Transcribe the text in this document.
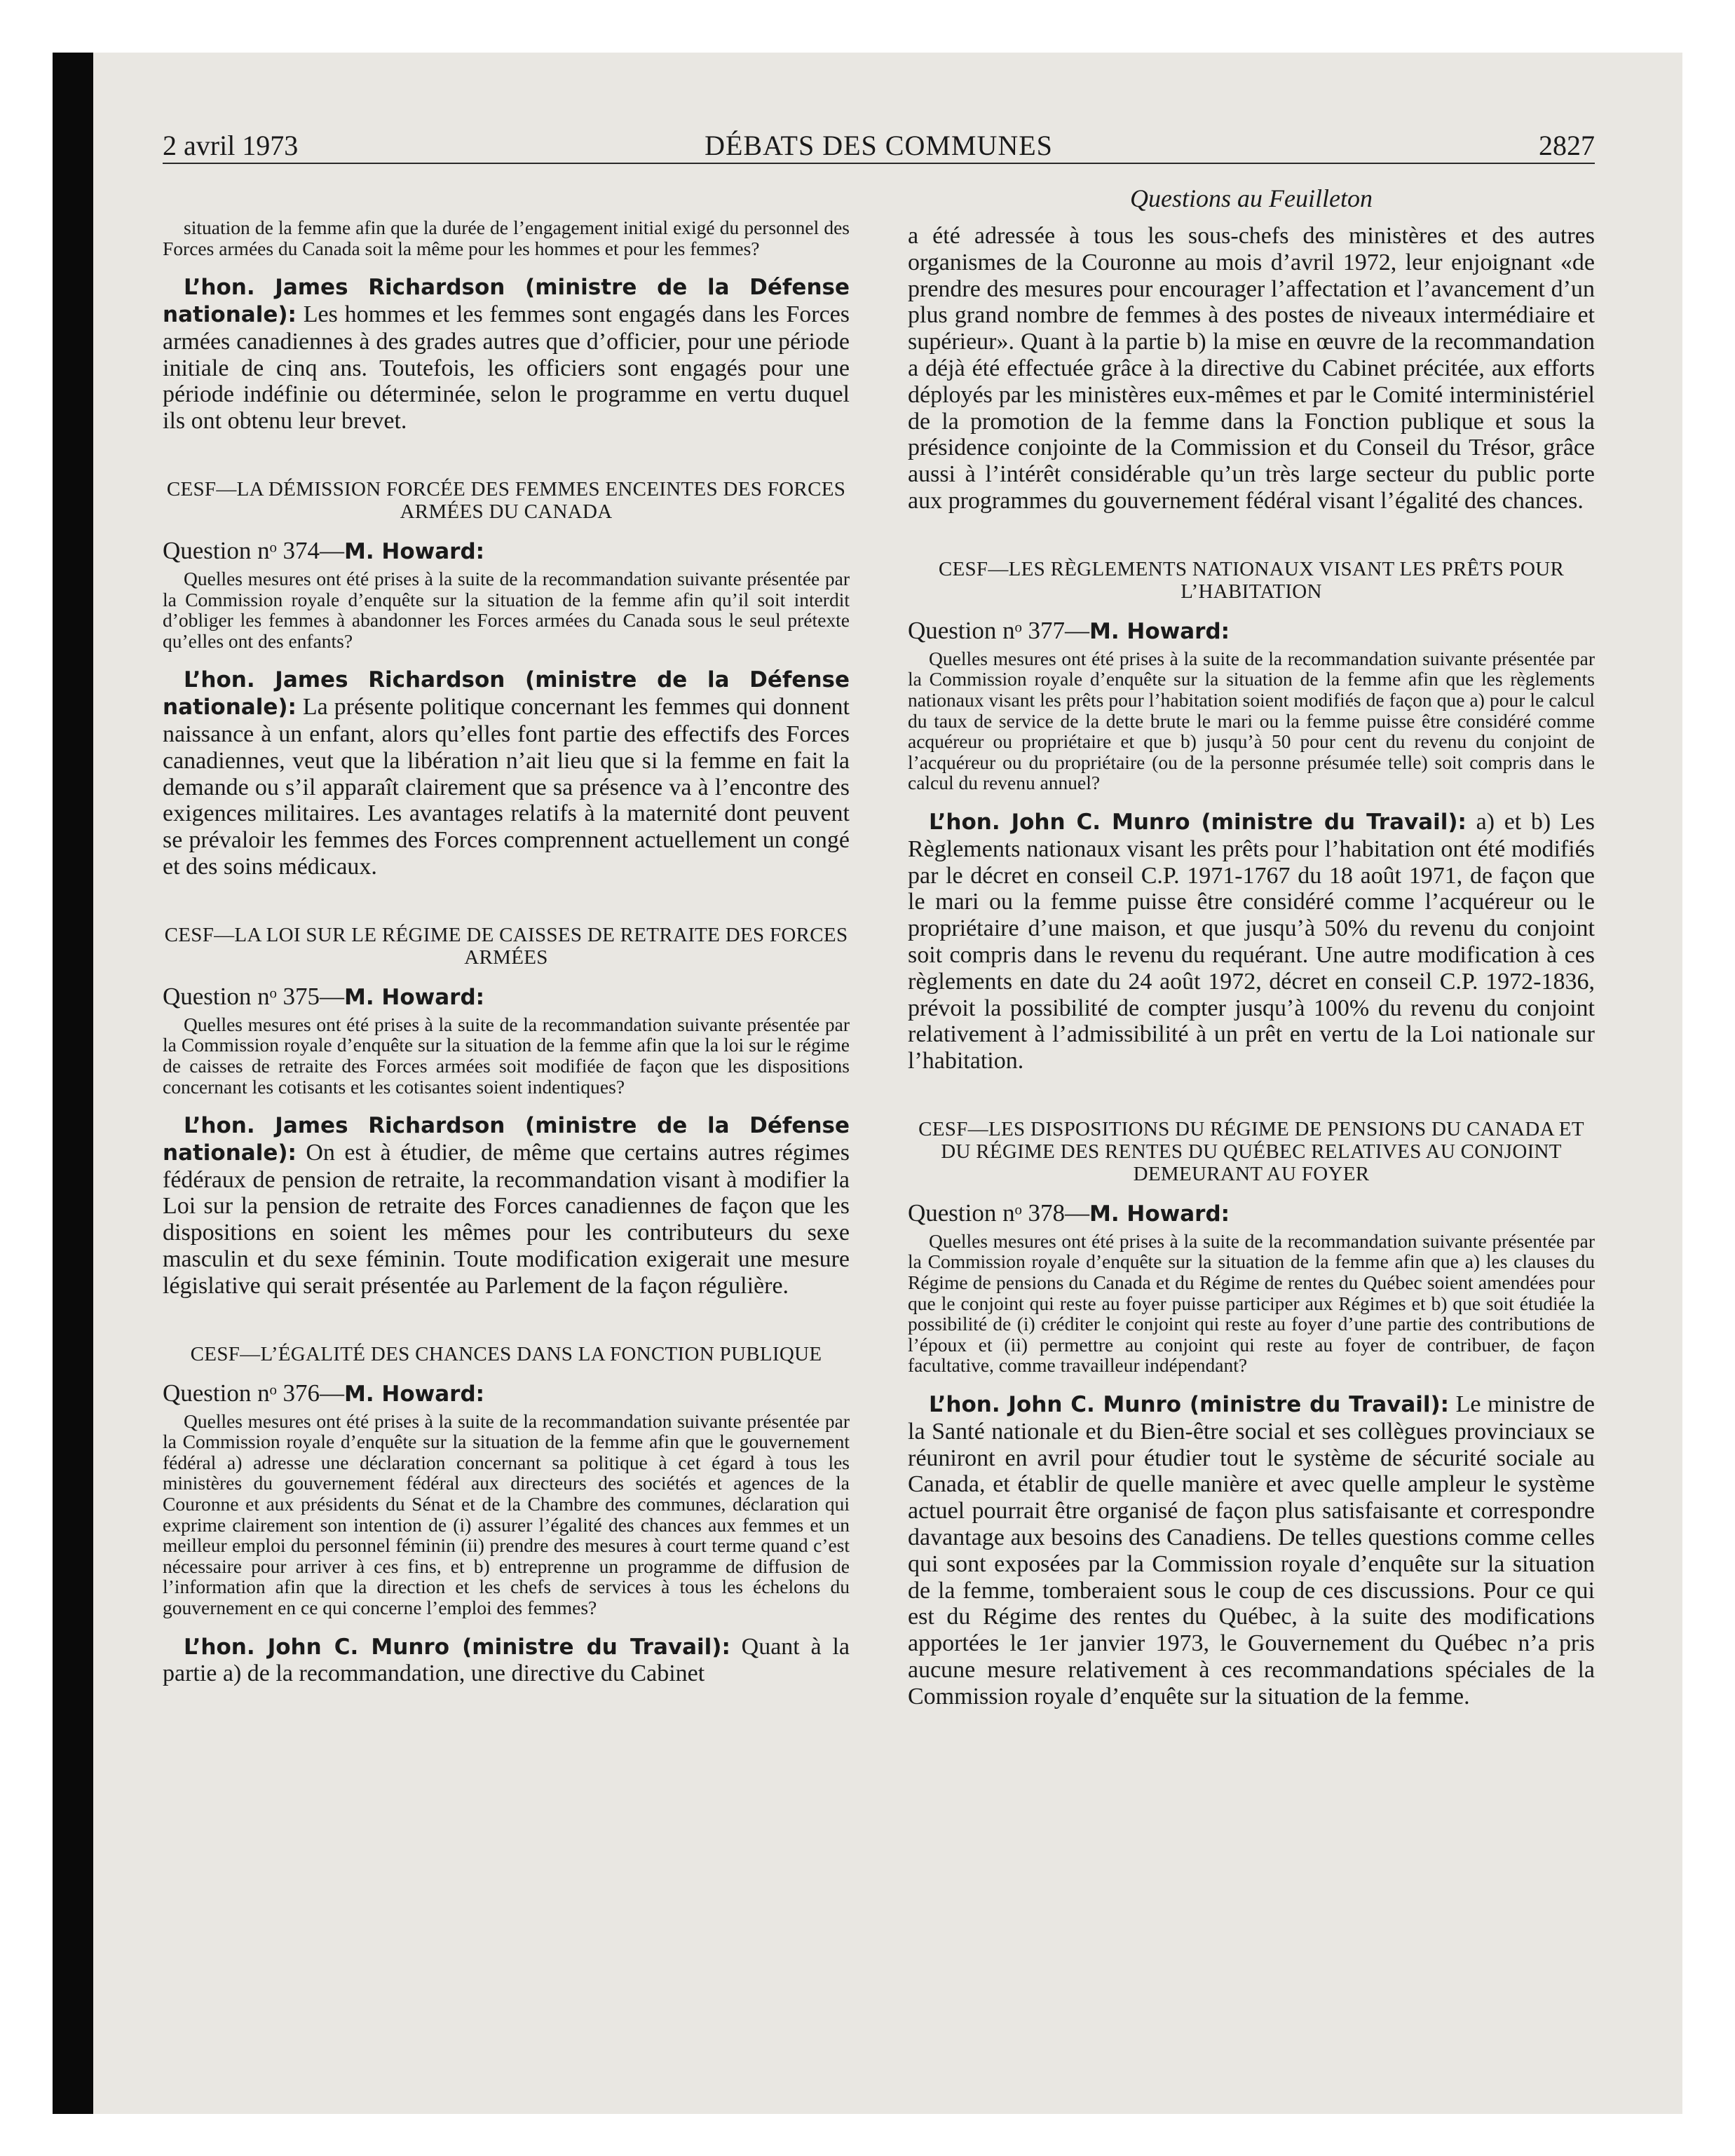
2 avril 1973	DÉBATS DES COMMUNES	2827
Questions au Feuilleton

situation de la femme afin que la durée de l’engagement initial exigé du personnel des Forces armées du Canada soit la même pour les hommes et pour les femmes?

L’hon. James Richardson (ministre de la Défense nationale): Les hommes et les femmes sont engagés dans les Forces armées canadiennes à des grades autres que d’officier, pour une période initiale de cinq ans. Toutefois, les officiers sont engagés pour une période indéfinie ou déterminée, selon le programme en vertu duquel ils ont obtenu leur brevet.

CESF—LA DÉMISSION FORCÉE DES FEMMES ENCEINTES DES FORCES ARMÉES DU CANADA
Question nᵒ 374—M. Howard:

Quelles mesures ont été prises à la suite de la recommandation suivante présentée par la Commission royale d’enquête sur la situation de la femme afin qu’il soit interdit d’obliger les femmes à abandonner les Forces armées du Canada sous le seul prétexte qu’elles ont des enfants?

L’hon. James Richardson (ministre de la Défense nationale): La présente politique concernant les femmes qui donnent naissance à un enfant, alors qu’elles font partie des effectifs des Forces canadiennes, veut que la libération n’ait lieu que si la femme en fait la demande ou s’il apparaît clairement que sa présence va à l’encontre des exigences militaires. Les avantages relatifs à la maternité dont peuvent se prévaloir les femmes des Forces comprennent actuellement un congé et des soins médicaux.

CESF—LA LOI SUR LE RÉGIME DE CAISSES DE RETRAITE DES FORCES ARMÉES
Question nᵒ 375—M. Howard:

Quelles mesures ont été prises à la suite de la recommandation suivante présentée par la Commission royale d’enquête sur la situation de la femme afin que la loi sur le régime de caisses de retraite des Forces armées soit modifiée de façon que les dispositions concernant les cotisants et les cotisantes soient indentiques?

L’hon. James Richardson (ministre de la Défense nationale): On est à étudier, de même que certains autres régimes fédéraux de pension de retraite, la recommandation visant à modifier la Loi sur la pension de retraite des Forces canadiennes de façon que les dispositions en soient les mêmes pour les contributeurs du sexe masculin et du sexe féminin. Toute modification exigerait une mesure législative qui serait présentée au Parlement de la façon régulière.

CESF—L’ÉGALITÉ DES CHANCES DANS LA FONCTION PUBLIQUE
Question nᵒ 376—M. Howard:

Quelles mesures ont été prises à la suite de la recommandation suivante présentée par la Commission royale d’enquête sur la situation de la femme afin que le gouvernement fédéral a) adresse une déclaration concernant sa politique à cet égard à tous les ministères du gouvernement fédéral aux directeurs des sociétés et agences de la Couronne et aux présidents du Sénat et de la Chambre des communes, déclaration qui exprime clairement son intention de (i) assurer l’égalité des chances aux femmes et un meilleur emploi du personnel féminin (ii) prendre des mesures à court terme quand c’est nécessaire pour arriver à ces fins, et b) entreprenne un programme de diffusion de l’information afin que la direction et les chefs de services à tous les échelons du gouvernement en ce qui concerne l’emploi des femmes?

L’hon. John C. Munro (ministre du Travail): Quant à la partie a) de la recommandation, une directive du Cabinet

a été adressée à tous les sous-chefs des ministères et des autres organismes de la Couronne au mois d’avril 1972, leur enjoignant «de prendre des mesures pour encourager l’affectation et l’avancement d’un plus grand nombre de femmes à des postes de niveaux intermédiaire et supérieur». Quant à la partie b) la mise en œuvre de la recommandation a déjà été effectuée grâce à la directive du Cabinet précitée, aux efforts déployés par les ministères eux-mêmes et par le Comité interministériel de la promotion de la femme dans la Fonction publique et sous la présidence conjointe de la Commission et du Conseil du Trésor, grâce aussi à l’intérêt considérable qu’un très large secteur du public porte aux programmes du gouvernement fédéral visant l’égalité des chances.

CESF—LES RÈGLEMENTS NATIONAUX VISANT LES PRÊTS POUR L’HABITATION
Question nᵒ 377—M. Howard:

Quelles mesures ont été prises à la suite de la recommandation suivante présentée par la Commission royale d’enquête sur la situation de la femme afin que les règlements nationaux visant les prêts pour l’habitation soient modifiés de façon que a) pour le calcul du taux de service de la dette brute le mari ou la femme puisse être considéré comme acquéreur ou propriétaire et que b) jusqu’à 50 pour cent du revenu du conjoint de l’acquéreur ou du propriétaire (ou de la personne présumée telle) soit compris dans le calcul du revenu annuel?

L’hon. John C. Munro (ministre du Travail): a) et b) Les Règlements nationaux visant les prêts pour l’habitation ont été modifiés par le décret en conseil C.P. 1971-1767 du 18 août 1971, de façon que le mari ou la femme puisse être considéré comme l’acquéreur ou le propriétaire d’une maison, et que jusqu’à 50% du revenu du conjoint soit compris dans le revenu du requérant. Une autre modification à ces règlements en date du 24 août 1972, décret en conseil C.P. 1972-1836, prévoit la possibilité de compter jusqu’à 100% du revenu du conjoint relativement à l’admissibilité à un prêt en vertu de la Loi nationale sur l’habitation.

CESF—LES DISPOSITIONS DU RÉGIME DE PENSIONS DU CANADA ET DU RÉGIME DES RENTES DU QUÉBEC RELATIVES AU CONJOINT DEMEURANT AU FOYER
Question nᵒ 378—M. Howard:

Quelles mesures ont été prises à la suite de la recommandation suivante présentée par la Commission royale d’enquête sur la situation de la femme afin que a) les clauses du Régime de pensions du Canada et du Régime de rentes du Québec soient amendées pour que le conjoint qui reste au foyer puisse participer aux Régimes et b) que soit étudiée la possibilité de (i) créditer le conjoint qui reste au foyer d’une partie des contributions de l’époux et (ii) permettre au conjoint qui reste au foyer de contribuer, de façon facultative, comme travailleur indépendant?

L’hon. John C. Munro (ministre du Travail): Le ministre de la Santé nationale et du Bien-être social et ses collègues provinciaux se réuniront en avril pour étudier tout le système de sécurité sociale au Canada, et établir de quelle manière et avec quelle ampleur le système actuel pourrait être organisé de façon plus satisfaisante et correspondre davantage aux besoins des Canadiens. De telles questions comme celles qui sont exposées par la Commission royale d’enquête sur la situation de la femme, tomberaient sous le coup de ces discussions. Pour ce qui est du Régime des rentes du Québec, à la suite des modifications apportées le 1er janvier 1973, le Gouvernement du Québec n’a pris aucune mesure relativement à ces recommandations spéciales de la Commission royale d’enquête sur la situation de la femme.
